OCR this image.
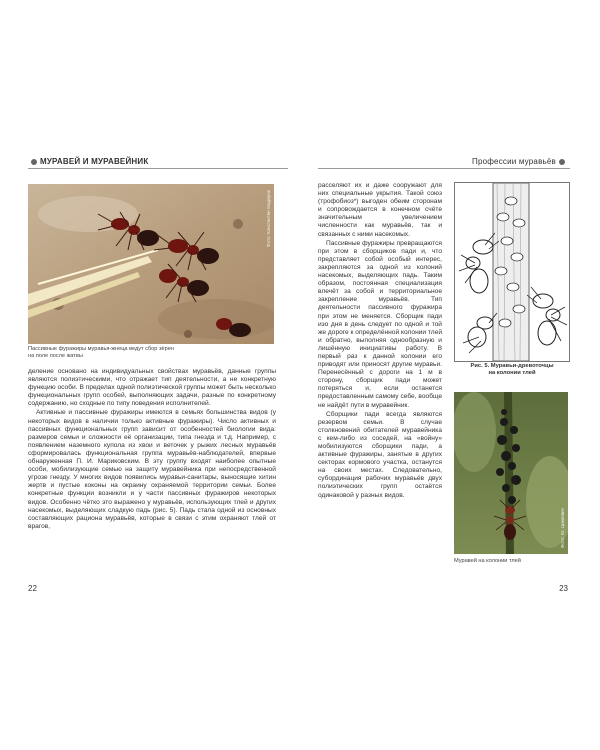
МУРАВЕЙ И МУРАВЕЙНИК	Профессии муравьёв
Фото: Константин Мадеров
Пассивные фуражиры муравья-жнеца ведут сбор зёрен
на поле после жатвы

деление основано на индивидуальных свойствах муравьёв, данные группы являются полиэтическими, что отражает тип деятельности, а не конкретную функцию особи. В пределах одной полиэтической группы может быть несколько функциональных групп особей, выполняющих задачи, разные по конкретному содержанию, но сходные по типу поведения исполнителей.

Активные и пассивные фуражиры имеются в семьях большинства видов (у некоторых видов в наличии только активные фуражиры). Число активных и пассивных функциональных групп зависит от особенностей биологии вида: размеров семьи и сложности её организации, типа гнезда и т.д. Например, с появлением наземного купола из хвои и веточек у рыжих лесных муравьёв сформировалась функциональная группа муравьёв-наблюдателей, впервые обнаруженная П. И. Мариковским. В эту группу входят наиболее опытные особи, мобилизующие семью на защиту муравейника при непосредственной угрозе гнезду. У многих видов появились муравьи-санитары, выносящие хитин жертв и пустые коконы на окраину охраняемой территории семьи. Более конкретные функции возникли и у части пассивных фуражиров некоторых видов. Особенно чётко это выражено у муравьёв, использующих тлей и других насекомых, выделяющих сладкую падь (рис. 5). Падь стала одной из основных составляющих рациона муравьёв, которые в связи с этим охраняют тлей от врагов,

22

расселяют их и даже сооружают для них специальные укрытия. Такой союз (трофобиоз*) выгоден обеим сторонам и сопровождается в конечном счёте значительным увеличением численности как муравьёв, так и связанных с ними насекомых.

Пассивные фуражиры превращаются при этом в сборщиков пади и, что представляет собой особый интерес, закрепляются за одной из колоний насекомых, выделяющих падь. Таким образом, постоянная специализация влечёт за собой и территориальное закрепление муравьёв. Тип деятельности пассивного фуражира при этом не меняется. Сборщик пади изо дня в день следует по одной и той же дороге к определённой колонии тлей и обратно, выполняя однообразную и лишённую инициативы работу. В первый раз к данной колонии его приводят или приносят другие муравьи. Перенесённый с дороги на 1 м в сторону, сборщик пади может потеряться и, если останется предоставленным самому себе, вообще не найдёт пути в муравейник.

Сборщики пади всегда являются резервом семьи. В случае столкновений обитателей муравейника с кем-либо из соседей, на «войну» мобилизуются сборщики пади, а активные фуражиры, занятые в других секторах кормового участка, останутся на своих местах. Следовательно, субординация рабочих муравьёв двух полиэтических групп остаётся одинаковой у разных видов.

Рис. 5. Муравьи-древоточцы
на колонии тлей
Фото: Ю. Цинкевич
Муравей на колонии тлей
23
